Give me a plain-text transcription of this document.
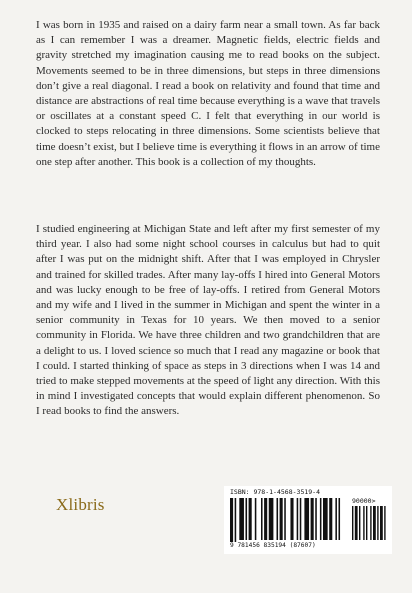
I was born in 1935 and raised on a dairy farm near a small town. As far back as I can remember I was a dreamer. Magnetic fields, electric fields and gravity stretched my imagination causing me to read books on the subject. Movements seemed to be in three dimensions, but steps in three dimensions don’t give a real diagonal. I read a book on relativity and found that time and distance are abstractions of real time because everything is a wave that travels or oscillates at a constant speed C. I felt that everything in our world is clocked to steps relocating in three dimensions. Some scientists believe that time doesn’t exist, but I believe time is everything it flows in an arrow of time one step after another. This book is a collection of my thoughts.

I studied engineering at Michigan State and left after my first semester of my third year. I also had some night school courses in calculus but had to quit after I was put on the midnight shift. After that I was employed in Chrysler and trained for skilled trades. After many lay-offs I hired into General Motors and was lucky enough to be free of lay-offs. I retired from General Motors and my wife and I lived in the summer in Michigan and spent the winter in a senior community in Texas for 10 years. We then moved to a senior community in Florida. We have three children and two grandchildren that are a delight to us. I loved science so much that I read any magazine or book that I could. I started thinking of space as steps in 3 directions when I was 14 and tried to make stepped movements at the speed of light any direction. With this in mind I investigated concepts that would explain different phenomenon. So I read books to find the answers.

Xlibris
ISBN: 978-1-4568-3519-4
90000>
9 781456 835194 (87607)
